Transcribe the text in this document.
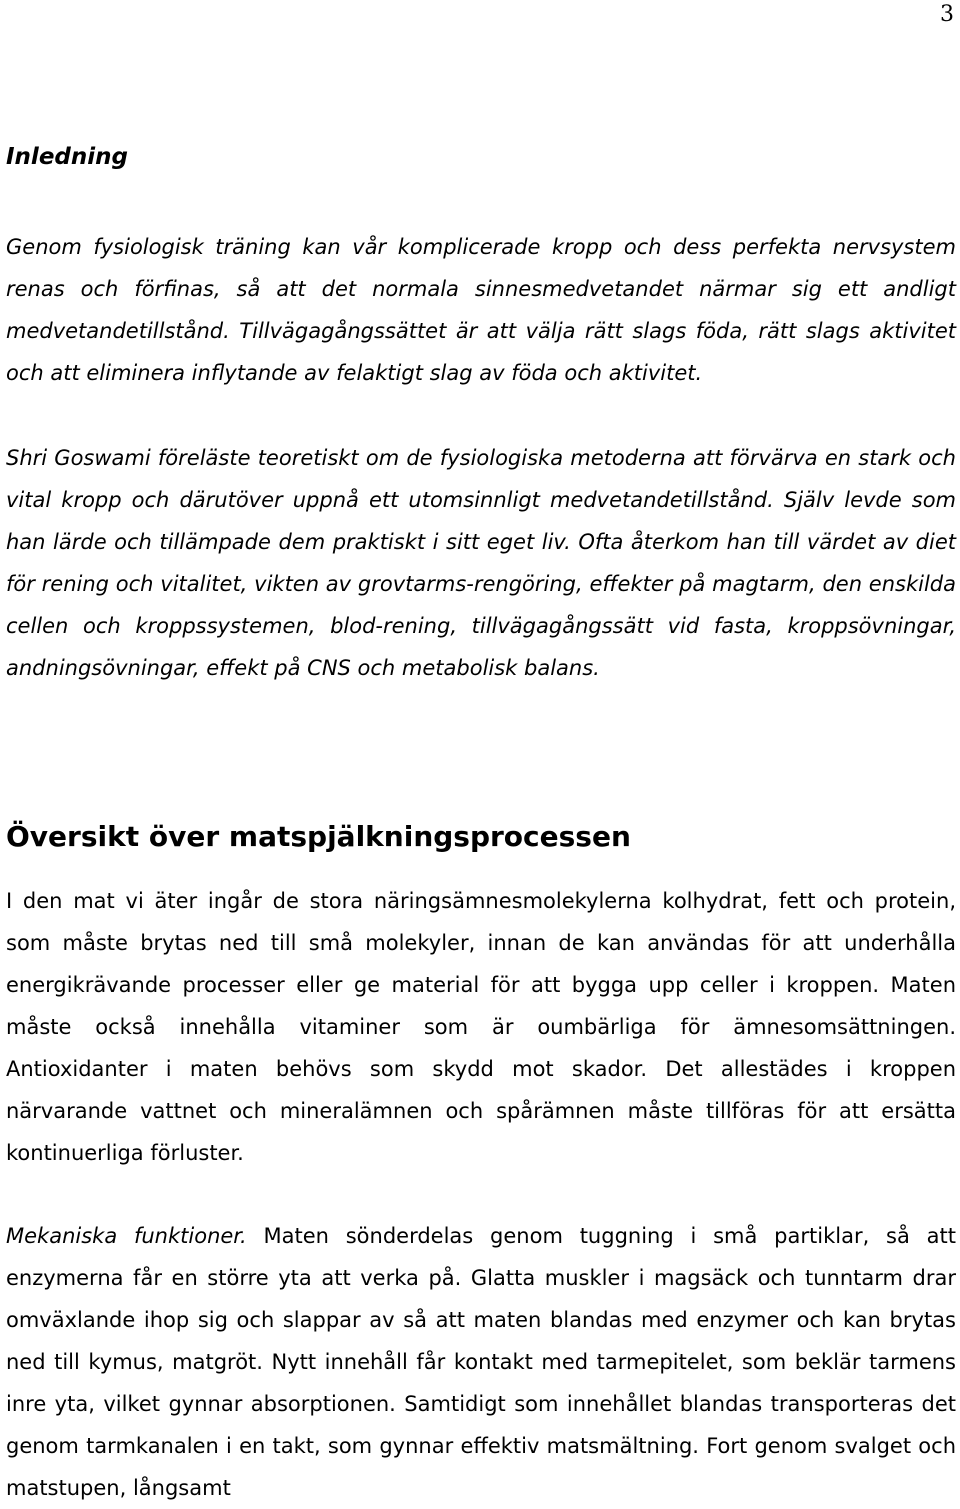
3
Inledning

Genom fysiologisk träning kan vår komplicerade kropp och dess perfekta nervsystem renas och förfinas, så att det normala sinnesmedvetandet närmar sig ett andligt medvetandetillstånd. Tillvägagångssättet är att välja rätt slags föda, rätt slags aktivitet och att eliminera inflytande av felaktigt slag av föda och aktivitet.

Shri Goswami föreläste teoretiskt om de fysiologiska metoderna att förvärva en stark och vital kropp och därutöver uppnå ett utomsinnligt medvetandetillstånd. Själv levde som han lärde och tillämpade dem praktiskt i sitt eget liv. Ofta återkom han till värdet av diet för rening och vitalitet, vikten av grovtarms-rengöring, effekter på magtarm, den enskilda cellen och kroppssystemen, blod-rening, tillvägagångssätt vid fasta, kroppsövningar, andningsövningar, effekt på CNS och metabolisk balans.

Översikt över matspjälkningsprocessen

I den mat vi äter ingår de stora näringsämnesmolekylerna kolhydrat, fett och protein, som måste brytas ned till små molekyler, innan de kan användas för att underhålla energikrävande processer eller ge material för att bygga upp celler i kroppen. Maten måste också innehålla vitaminer som är oumbärliga för ämnesomsättningen. Antioxidanter i maten behövs som skydd mot skador. Det allestädes i kroppen närvarande vattnet och mineralämnen och spårämnen måste tillföras för att ersätta kontinuerliga förluster.

Mekaniska funktioner. Maten sönderdelas genom tuggning i små partiklar, så att enzymerna får en större yta att verka på. Glatta muskler i magsäck och tunntarm drar omväxlande ihop sig och slappar av så att maten blandas med enzymer och kan brytas ned till kymus, matgröt. Nytt innehåll får kontakt med tarmepitelet, som beklär tarmens inre yta, vilket gynnar absorptionen. Samtidigt som innehållet blandas transporteras det genom tarmkanalen i en takt, som gynnar effektiv matsmältning. Fort genom svalget och matstupen, långsamt
